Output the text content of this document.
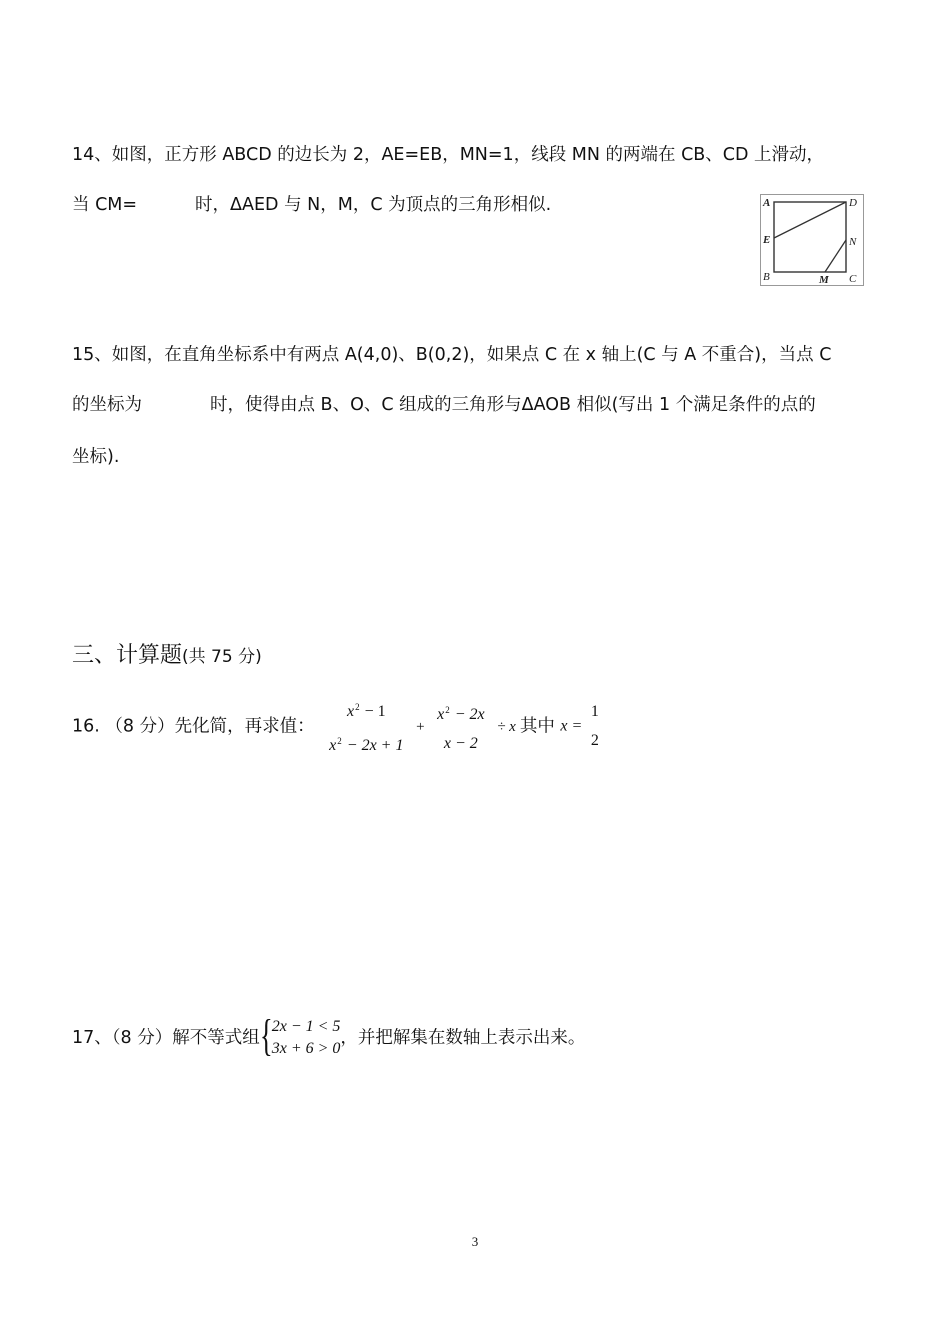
14、如图，正方形 ABCD 的边长为 2，AE=EB，MN=1，线段 MN 的两端在 CB、CD 上滑动，
当 CM=	时，ΔAED 与 N，M，C 为顶点的三角形相似.	A	D
E	N
B	M C
15、如图，在直角坐标系中有两点 A(4,0)、B(0,2)，如果点 C 在 x 轴上(C 与 A 不重合)，当点 C
的坐标为	时，使得由点 B、O、C 组成的三角形与ΔAOB 相似(写出 1 个满足条件的点的
坐标).
三、计算题(共 75 分)
16. （8 分）先化简，再求值：
$x^2 - 1$
$x^2 - 2x + 1$
+
$x^2 - 2x$
x − 2
÷ x 其中 x =
1
2
17、（8 分）解不等式组 { 2x − 1 < 5
3x + 6 > 0
，并把解集在数轴上表示出来。
3
